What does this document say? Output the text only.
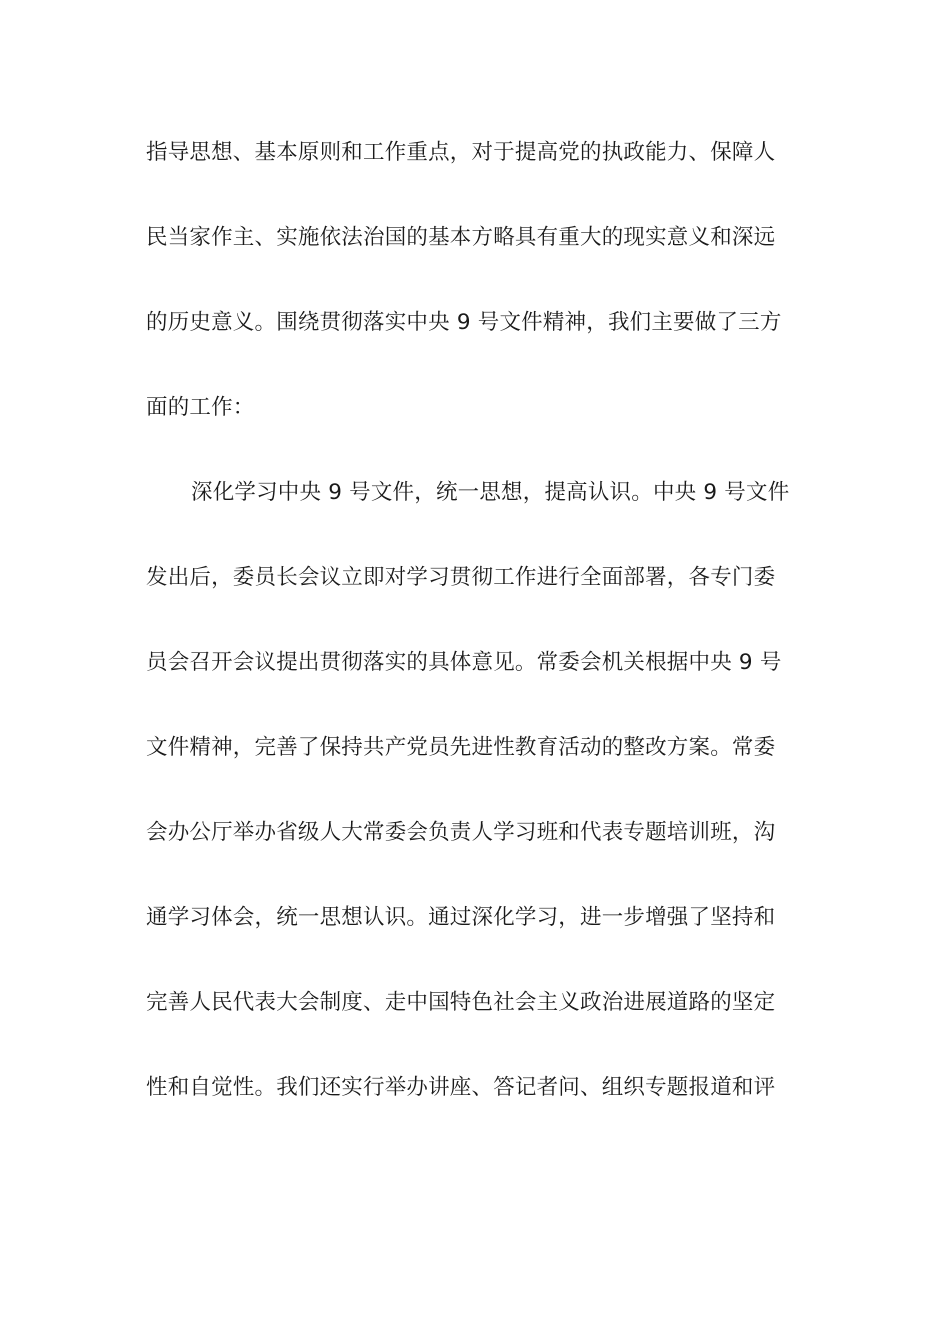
指导思想、基本原则和工作重点，对于提高党的执政能力、保障人
民当家作主、实施依法治国的基本方略具有重大的现实意义和深远
的历史意义。围绕贯彻落实中央 9 号文件精神，我们主要做了三方
面的工作：
深化学习中央 9 号文件，统一思想，提高认识。中央 9 号文件
发出后，委员长会议立即对学习贯彻工作进行全面部署，各专门委
员会召开会议提出贯彻落实的具体意见。常委会机关根据中央 9 号
文件精神，完善了保持共产党员先进性教育活动的整改方案。常委
会办公厅举办省级人大常委会负责人学习班和代表专题培训班，沟
通学习体会，统一思想认识。通过深化学习，进一步增强了坚持和
完善人民代表大会制度、走中国特色社会主义政治进展道路的坚定
性和自觉性。我们还实行举办讲座、答记者问、组织专题报道和评
